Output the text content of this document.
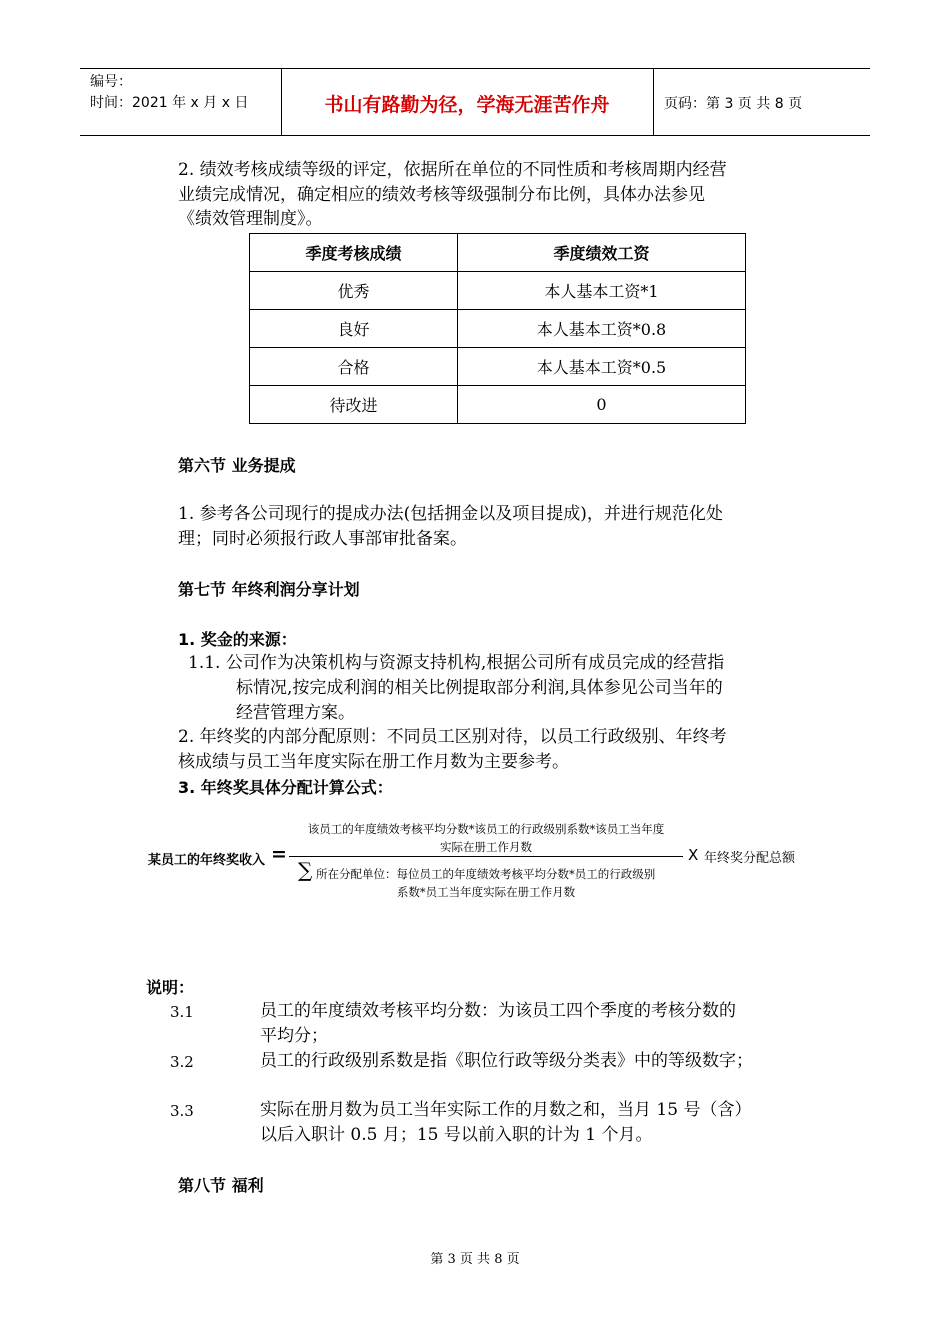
编号：
时间：2021 年 x 月 x 日	书山有路勤为径，学海无涯苦作舟	页码：第 3 页 共 8 页
2. 绩效考核成绩等级的评定，依据所在单位的不同性质和考核周期内经营
业绩完成情况，确定相应的绩效考核等级强制分布比例，具体办法参见
《绩效管理制度》。
季度考核成绩	季度绩效工资
优秀	本人基本工资*1
良好	本人基本工资*0.8
合格	本人基本工资*0.5
待改进	0
第六节 业务提成
1. 参考各公司现行的提成办法(包括拥金以及项目提成)，并进行规范化处
理；同时必须报行政人事部审批备案。
第七节 年终利润分享计划
1. 奖金的来源：
1.1. 公司作为决策机构与资源支持机构,根据公司所有成员完成的经营指
标情况,按完成利润的相关比例提取部分利润,具体参见公司当年的
经营管理方案。
2. 年终奖的内部分配原则：不同员工区别对待，以员工行政级别、年终考
核成绩与员工当年度实际在册工作月数为主要参考。
3. 年终奖具体分配计算公式：
某员工的年终奖收入 =
该员工的年度绩效考核平均分数*该员工的行政级别系数*该员工当年度
实际在册工作月数
∑ 所在分配单位：每位员工的年度绩效考核平均分数*员工的行政级别
系数*员工当年度实际在册工作月数
X 年终奖分配总额
说明：
3.1	员工的年度绩效考核平均分数：为该员工四个季度的考核分数的
平均分；
3.2	员工的行政级别系数是指《职位行政等级分类表》中的等级数字；
3.3	实际在册月数为员工当年实际工作的月数之和，当月 15 号（含）
以后入职计 0.5 月；15 号以前入职的计为 1 个月。
第八节 福利
第 3 页 共 8 页
